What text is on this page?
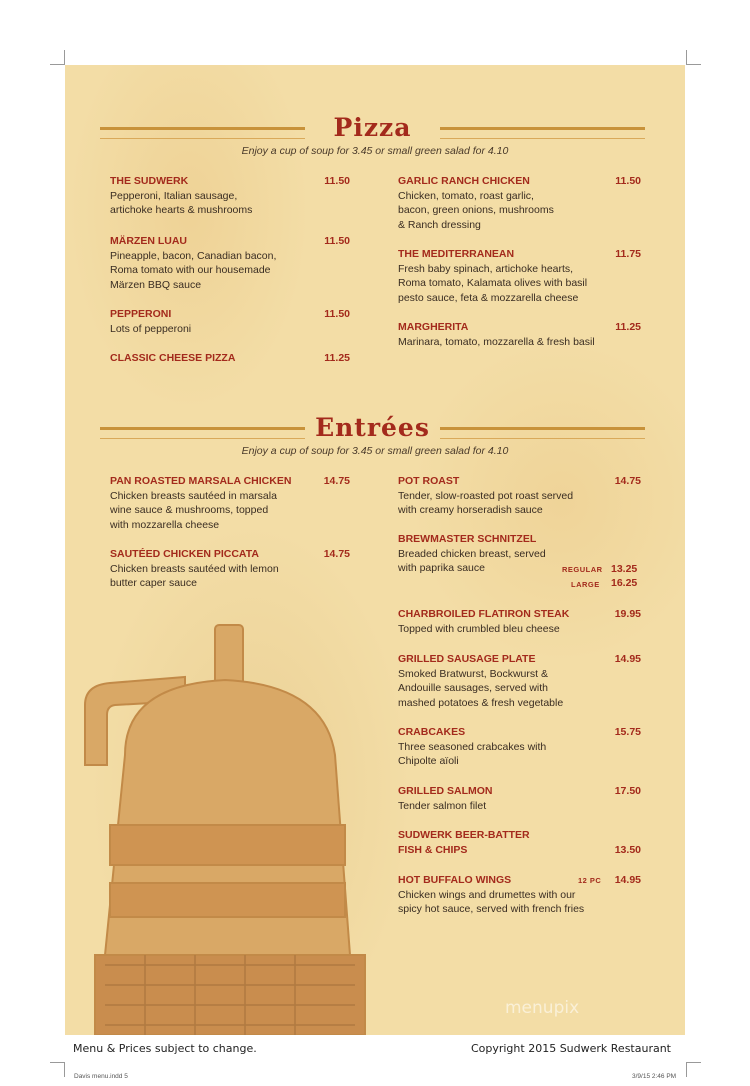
menupix
Pizza
Enjoy a cup of soup for 3.45 or small green salad for 4.10
THE SUDWERK	11.50
Pepperoni, Italian sausage,
artichoke hearts & mushrooms
MÄRZEN LUAU	11.50
Pineapple, bacon, Canadian bacon,
Roma tomato with our housemade
Märzen BBQ sauce
PEPPERONI	11.50
Lots of pepperoni
CLASSIC CHEESE PIZZA	11.25
GARLIC RANCH CHICKEN	11.50
Chicken, tomato, roast garlic,
bacon, green onions, mushrooms
& Ranch dressing
THE MEDITERRANEAN	11.75
Fresh baby spinach, artichoke hearts,
Roma tomato, Kalamata olives with basil
pesto sauce, feta & mozzarella cheese
MARGHERITA	11.25
Marinara, tomato, mozzarella & fresh basil
Entrées
Enjoy a cup of soup for 3.45 or small green salad for 4.10
PAN ROASTED MARSALA CHICKEN	14.75
Chicken breasts sautéed in marsala
wine sauce & mushrooms, topped
with mozzarella cheese
SAUTÉED CHICKEN PICCATA	14.75
Chicken breasts sautéed with lemon
butter caper sauce
POT ROAST	14.75
Tender, slow-roasted pot roast served
with creamy horseradish sauce
BREWMASTER SCHNITZEL
Breaded chicken breast, served
with paprika sauce	REGULAR 13.25
LARGE 16.25
CHARBROILED FLATIRON STEAK	19.95
Topped with crumbled bleu cheese
GRILLED SAUSAGE PLATE	14.95
Smoked Bratwurst, Bockwurst &
Andouille sausages, served with
mashed potatoes & fresh vegetable
CRABCAKES	15.75
Three seasoned crabcakes with
Chipolte aïoli
GRILLED SALMON	17.50
Tender salmon filet
SUDWERK BEER-BATTER
FISH & CHIPS	13.50
HOT BUFFALO WINGS	14.95
Chicken wings and drumettes with our
spicy hot sauce, served with french fries
12 PC
Menu & Prices subject to change.	Copyright 2015 Sudwerk Restaurant
Davis menu.indd 5	3/9/15 2:46 PM
